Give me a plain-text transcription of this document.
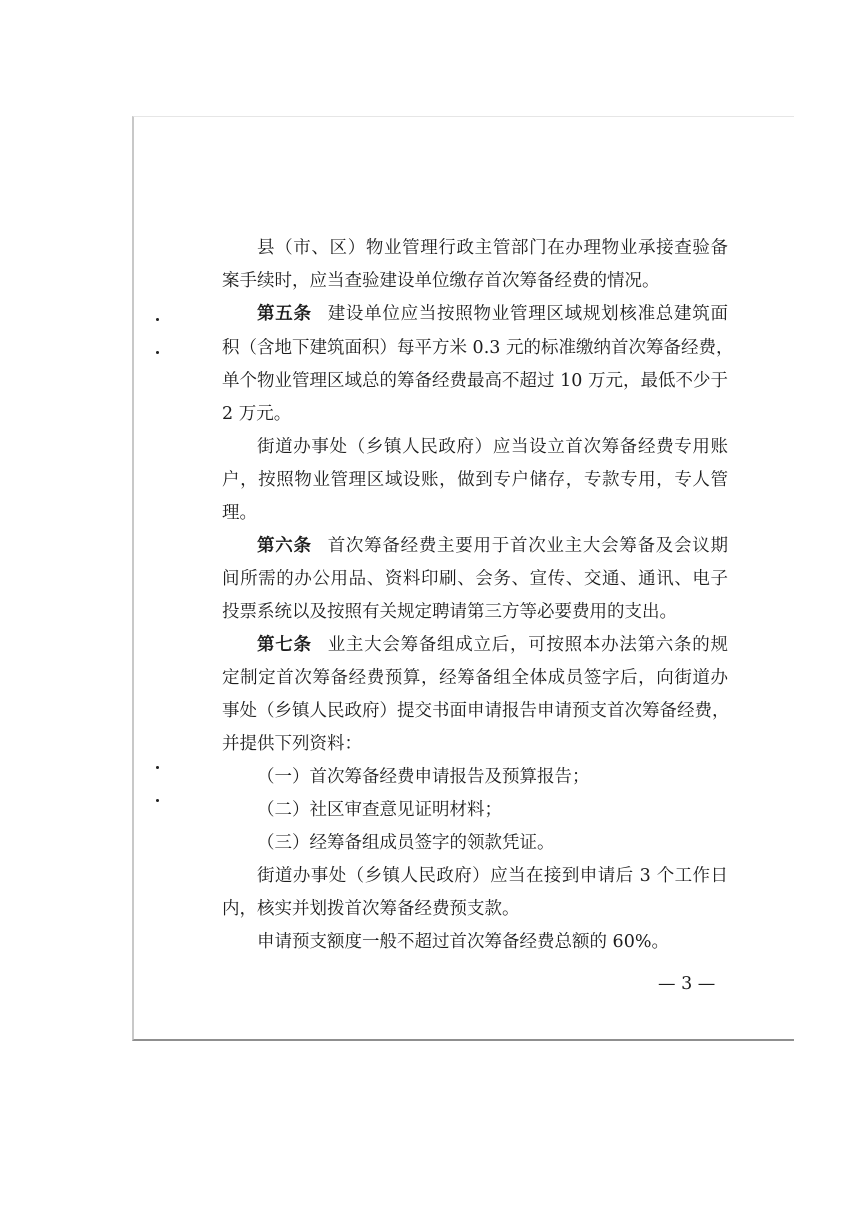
县（市、区）物业管理行政主管部门在办理物业承接查验备
案手续时，应当查验建设单位缴存首次筹备经费的情况。
第五条 建设单位应当按照物业管理区域规划核准总建筑面
积（含地下建筑面积）每平方米 0.3 元的标准缴纳首次筹备经费，
单个物业管理区域总的筹备经费最高不超过 10 万元，最低不少于
2 万元。
街道办事处（乡镇人民政府）应当设立首次筹备经费专用账
户，按照物业管理区域设账，做到专户储存，专款专用，专人管
理。
第六条 首次筹备经费主要用于首次业主大会筹备及会议期
间所需的办公用品、资料印刷、会务、宣传、交通、通讯、电子
投票系统以及按照有关规定聘请第三方等必要费用的支出。
第七条 业主大会筹备组成立后，可按照本办法第六条的规
定制定首次筹备经费预算，经筹备组全体成员签字后，向街道办
事处（乡镇人民政府）提交书面申请报告申请预支首次筹备经费，
并提供下列资料：
（一）首次筹备经费申请报告及预算报告；
（二）社区审查意见证明材料；
（三）经筹备组成员签字的领款凭证。
街道办事处（乡镇人民政府）应当在接到申请后 3 个工作日
内，核实并划拨首次筹备经费预支款。
申请预支额度一般不超过首次筹备经费总额的 60%。
— 3 —
